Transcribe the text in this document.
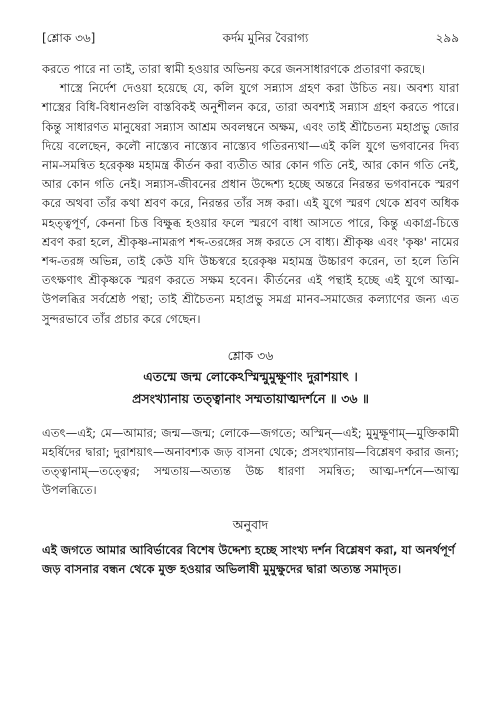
[শ্লোক ৩৬]	কর্দম মুনির বৈরাগ্য	২৯৯

করতে পারে না তাই, তারা স্বামী হওয়ার অভিনয় করে জনসাধারণকে প্রতারণা করছে।

শাস্ত্রে নির্দেশ দেওয়া হয়েছে যে, কলি যুগে সন্ন্যাস গ্রহণ করা উচিত নয়। অবশ্য যারা শাস্ত্রের বিধি-বিধানগুলি বাস্তবিকই অনুশীলন করে, তারা অবশ্যই সন্ন্যাস গ্রহণ করতে পারে। কিন্তু সাধারণত মানুষেরা সন্ন্যাস আশ্রম অবলম্বনে অক্ষম, এবং তাই শ্রীচৈতন্য মহাপ্রভু জোর দিয়ে বলেছেন, কলৌ নাস্ত্যেব নাস্ত্যেব নাস্ত্যেব গতিরন্যথা—এই কলি যুগে ভগবানের দিব্য নাম-সমন্বিত হরেকৃষ্ণ মহামন্ত্র কীর্তন করা ব্যতীত আর কোন গতি নেই, আর কোন গতি নেই, আর কোন গতি নেই। সন্ন্যাস-জীবনের প্রধান উদ্দেশ্য হচ্ছে অন্তরে নিরন্তর ভগবানকে স্মরণ করে অথবা তাঁর কথা শ্রবণ করে, নিরন্তর তাঁর সঙ্গ করা। এই যুগে স্মরণ থেকে শ্রবণ অধিক মহত্ত্বপূর্ণ, কেননা চিত্ত বিক্ষুব্ধ হওয়ার ফলে স্মরণে বাধা আসতে পারে, কিন্তু একাগ্র-চিত্তে শ্রবণ করা হলে, শ্রীকৃষ্ণ-নামরূপ শব্দ-তরঙ্গের সঙ্গ করতে সে বাধ্য। শ্রীকৃষ্ণ এবং 'কৃষ্ণ' নামের শব্দ-তরঙ্গ অভিন্ন, তাই কেউ যদি উচ্চস্বরে হরেকৃষ্ণ মহামন্ত্র উচ্চারণ করেন, তা হলে তিনি তৎক্ষণাৎ শ্রীকৃষ্ণকে স্মরণ করতে সক্ষম হবেন। কীর্তনের এই পন্থাই হচ্ছে এই যুগে আত্ম-উপলব্ধির সর্বশ্রেষ্ঠ পন্থা; তাই শ্রীচৈতন্য মহাপ্রভু সমগ্র মানব-সমাজের কল্যাণের জন্য এত সুন্দরভাবে তাঁর প্রচার করে গেছেন।

শ্লোক ৩৬
এতন্মে জন্ম লোকেঽস্মিন্মুমুক্ষূণাং দুরাশয়াৎ ।
প্রসংখ্যানায় তত্ত্বানাং সম্মতায়াত্মদর্শনে ॥ ৩৬ ॥
এতৎ—এই; মে—আমার; জন্ম—জন্ম; লোকে—জগতে; অস্মিন্—এই; মুমুক্ষূণাম্—মুক্তিকামী মহর্ষিদের দ্বারা; দুরাশয়াৎ—অনাবশ্যক জড় বাসনা থেকে; প্রসংখ্যানায়—বিশ্লেষণ করার জন্য; তত্ত্বানাম্—তত্ত্বের; সম্মতায়—অত্যন্ত উচ্চ ধারণা সমন্বিত; আত্ম-দর্শনে—আত্ম উপলব্ধিতে।
অনুবাদ
এই জগতে আমার আবির্ভাবের বিশেষ উদ্দেশ্য হচ্ছে সাংখ্য দর্শন বিশ্লেষণ করা, যা অনর্থপূর্ণ জড় বাসনার বন্ধন থেকে মুক্ত হওয়ার অভিলাষী মুমুক্ষুদের দ্বারা অত্যন্ত সমাদৃত।
